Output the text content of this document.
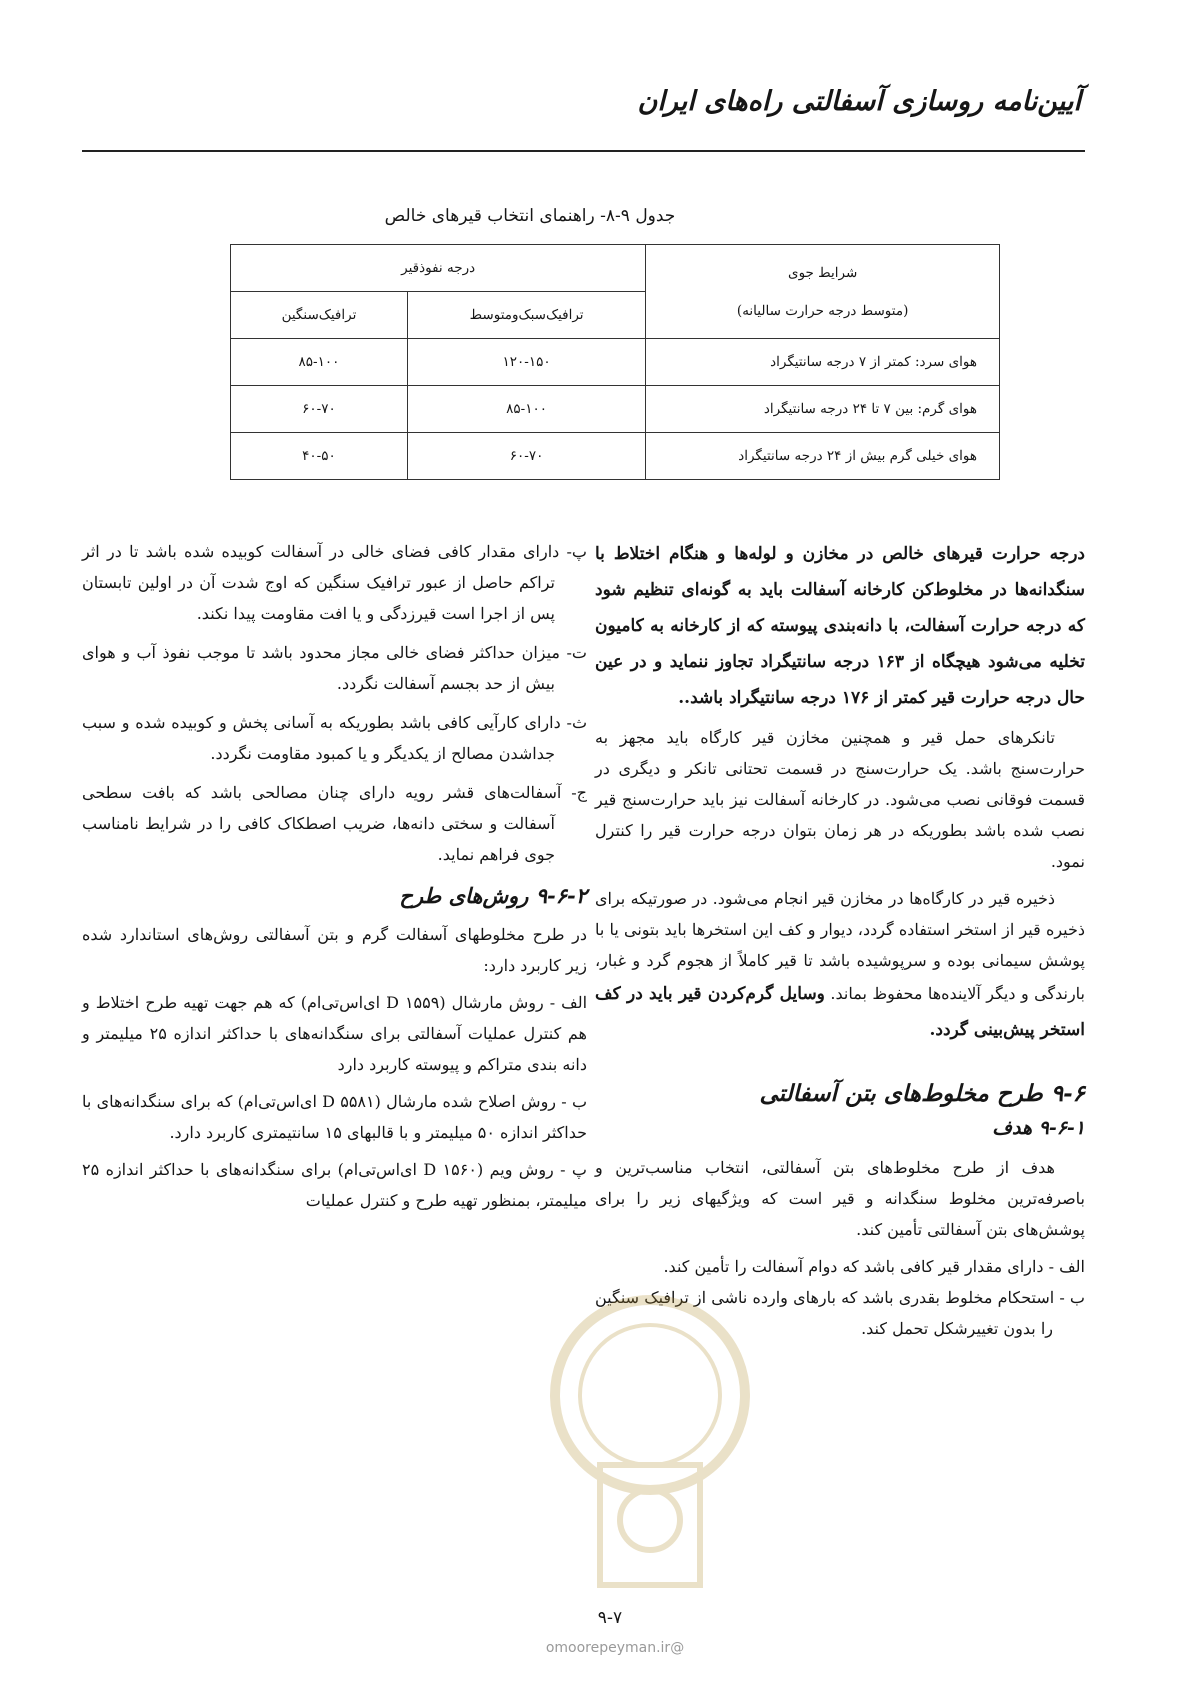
آیین‌نامه روسازی آسفالتی راه‌های ایران
جدول ۹-۸- راهنمای انتخاب قیرهای خالص
شرایط جوی
(متوسط درجه حرارت سالیانه)	درجه نفوذقیر	
	ترافیک‌سبک‌ومتوسط	ترافیک‌سنگین
هوای سرد: کمتر از ۷ درجه سانتیگراد	۱۲۰-۱۵۰	۸۵-۱۰۰
هوای گرم: بین ۷ تا ۲۴ درجه سانتیگراد	۸۵-۱۰۰	۶۰-۷۰
هوای خیلی گرم بیش از ۲۴ درجه سانتیگراد	۶۰-۷۰	۴۰-۵۰

درجه حرارت قیرهای خالص در مخازن و لوله‌ها و هنگام اختلاط با سنگدانه‌ها در مخلوط‌کن کارخانه آسفالت باید به گونه‌ای تنظیم شود که درجه حرارت آسفالت، با دانه‌بندی پیوسته که از کارخانه به کامیون تخلیه می‌شود هیچگاه از ۱۶۳ درجه سانتیگراد تجاوز ننماید و در عین حال درجه حرارت قیر کمتر از ۱۷۶ درجه سانتیگراد باشد..

تانکرهای حمل قیر و همچنین مخازن قیر کارگاه باید مجهز به حرارت‌سنج باشد. یک حرارت‌سنج در قسمت تحتانی تانکر و دیگری در قسمت فوقانی نصب می‌شود. در کارخانه آسفالت نیز باید حرارت‌سنج قیر نصب شده باشد بطوریکه در هر زمان بتوان درجه حرارت قیر را کنترل نمود.

ذخیره قیر در کارگاه‌ها در مخازن قیر انجام می‌شود. در صورتیکه برای ذخیره قیر از استخر استفاده گردد، دیوار و کف این استخرها باید بتونی یا با پوشش سیمانی بوده و سرپوشیده باشد تا قیر کاملاً از هجوم گرد و غبار، بارندگی و دیگر آلاینده‌ها محفوظ بماند. وسایل گرم‌کردن قیر باید در کف استخر پیش‌بینی گردد.

۹-۶ طرح مخلوط‌های بتن آسفالتی
۹-۶-۱ هدف

هدف از طرح مخلوط‌های بتن آسفالتی، انتخاب مناسب‌ترین و باصرفه‌ترین مخلوط سنگدانه و قیر است که ویژگیهای زیر را برای پوشش‌های بتن آسفالتی تأمین کند.

الف - دارای مقدار قیر کافی باشد که دوام آسفالت را تأمین کند.

ب - استحکام مخلوط بقدری باشد که بارهای وارده ناشی از ترافیک سنگین را بدون تغییرشکل تحمل کند.

پ- دارای مقدار کافی فضای خالی در آسفالت کوبیده شده باشد تا در اثر تراکم حاصل از عبور ترافیک سنگین که اوج شدت آن در اولین تابستان پس از اجرا است قیرزدگی و یا افت مقاومت پیدا نکند.

ت- میزان حداکثر فضای خالی مجاز محدود باشد تا موجب نفوذ آب و هوای بیش از حد بجسم آسفالت نگردد.

ث- دارای کارآیی کافی باشد بطوریکه به آسانی پخش و کوبیده شده و سبب جداشدن مصالح از یکدیگر و یا کمبود مقاومت نگردد.

ج- آسفالت‌های قشر رویه دارای چنان مصالحی باشد که بافت سطحی آسفالت و سختی دانه‌ها، ضریب اصطکاک کافی را در شرایط نامناسب جوی فراهم نماید.

۹-۶-۲ روش‌های طرح

در طرح مخلوطهای آسفالت گرم و بتن آسفالتی روش‌های استاندارد شده زیر کاربرد دارد:

الف - روش مارشال (D ۱۵۵۹ ای‌اس‌تی‌ام) که هم جهت تهیه طرح اختلاط و هم کنترل عملیات آسفالتی برای سنگدانه‌های با حداکثر اندازه ۲۵ میلیمتر و دانه بندی متراکم و پیوسته کاربرد دارد

ب - روش اصلاح شده مارشال (D ۵۵۸۱ ای‌اس‌تی‌ام) که برای سنگدانه‌های با حداکثر اندازه ۵۰ میلیمتر و با قالبهای ۱۵ سانتیمتری کاربرد دارد.

پ - روش ویم (D ۱۵۶۰ ای‌اس‌تی‌ام) برای سنگدانه‌های با حداکثر اندازه ۲۵ میلیمتر، بمنظور تهیه طرح و کنترل عملیات

۹-۷
@omoorepeyman.ir
